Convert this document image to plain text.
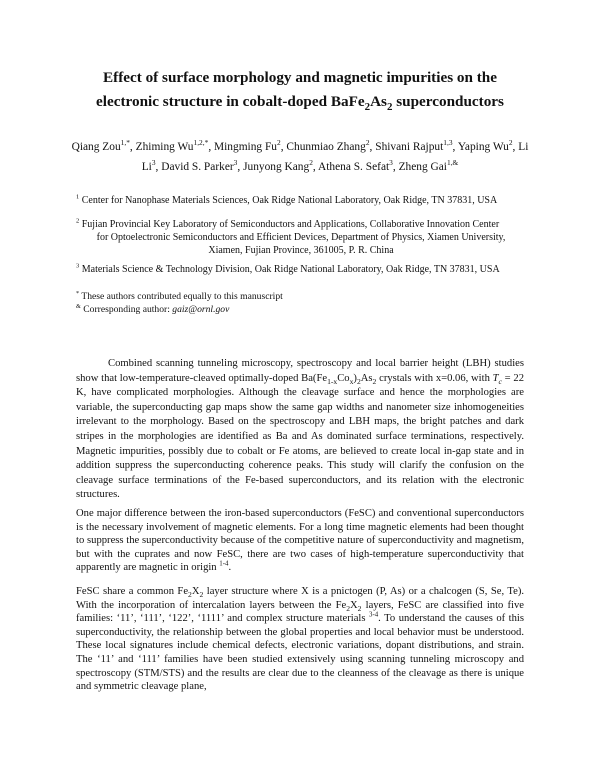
Effect of surface morphology and magnetic impurities on the
electronic structure in cobalt-doped $BaFe_2As_2$ superconductors
Qiang Zou$^{1,*}$, Zhiming $Wu^{1,2,*}$, Mingming Fu$^2$, Chunmiao Zhang$^2$, Shivani Rajput$^{1,3}$, Yaping Wu$^2$, Li Li$^3$, David S. Parker$^3$, Junyong Kang$^2$, Athena S. Sefat$^3$, Zheng Gai$^{1,\&}$
$^1$ Center for Nanophase Materials Sciences, Oak Ridge National Laboratory, Oak Ridge, TN 37831, USA
$^2$ Fujian Provincial Key Laboratory of Semiconductors and Applications, Collaborative Innovation Center
for Optoelectronic Semiconductors and Efficient Devices, Department of Physics, Xiamen University,
Xiamen, Fujian Province, 361005, P. R. China
$^3$ Materials Science & Technology Division, Oak Ridge National Laboratory, Oak Ridge, TN 37831, USA
* These authors contributed equally to this manuscript
& Corresponding author: gaiz@ornl.gov

Combined scanning tunneling microscopy, spectroscopy and local barrier height (LBH) studies show that low-temperature-cleaved optimally-doped $Ba(Fe_{1-x}Co_x)_2As_2$ crystals with x=0.06, with $T_c = 22$ K, have complicated morphologies. Although the cleavage surface and hence the morphologies are variable, the superconducting gap maps show the same gap widths and nanometer size inhomogeneities irrelevant to the morphology. Based on the spectroscopy and LBH maps, the bright patches and dark stripes in the morphologies are identified as Ba and As dominated surface terminations, respectively. Magnetic impurities, possibly due to cobalt or Fe atoms, are believed to create local in-gap state and in addition suppress the superconducting coherence peaks. This study will clarify the confusion on the cleavage surface terminations of the Fe-based superconductors, and its relation with the electronic structures.

One major difference between the iron-based superconductors (FeSC) and conventional superconductors is the necessary involvement of magnetic elements. For a long time magnetic elements had been thought to suppress the superconductivity because of the competitive nature of superconductivity and magnetism, but with the cuprates and now FeSC, there are two cases of high-temperature superconductivity that apparently are magnetic in origin $^{1-4}$.

FeSC share a common $Fe_2X_2$ layer structure where X is a pnictogen (P, As) or a chalcogen (S, Se, Te). With the incorporation of intercalation layers between the $Fe_2X_2$ layers, FeSC are classified into five families: ‘11’, ‘111’, ‘122’, ‘1111’ and complex structure materials $^{3-4}$. To understand the causes of this superconductivity, the relationship between the global properties and local behavior must be understood. These local signatures include chemical defects, electronic variations, dopant distributions, and strain. The ‘11’ and ‘111’ families have been studied extensively using scanning tunneling microscopy and spectroscopy (STM/STS) and the results are clear due to the cleanness of the cleavage as there is unique and symmetric cleavage plane,
